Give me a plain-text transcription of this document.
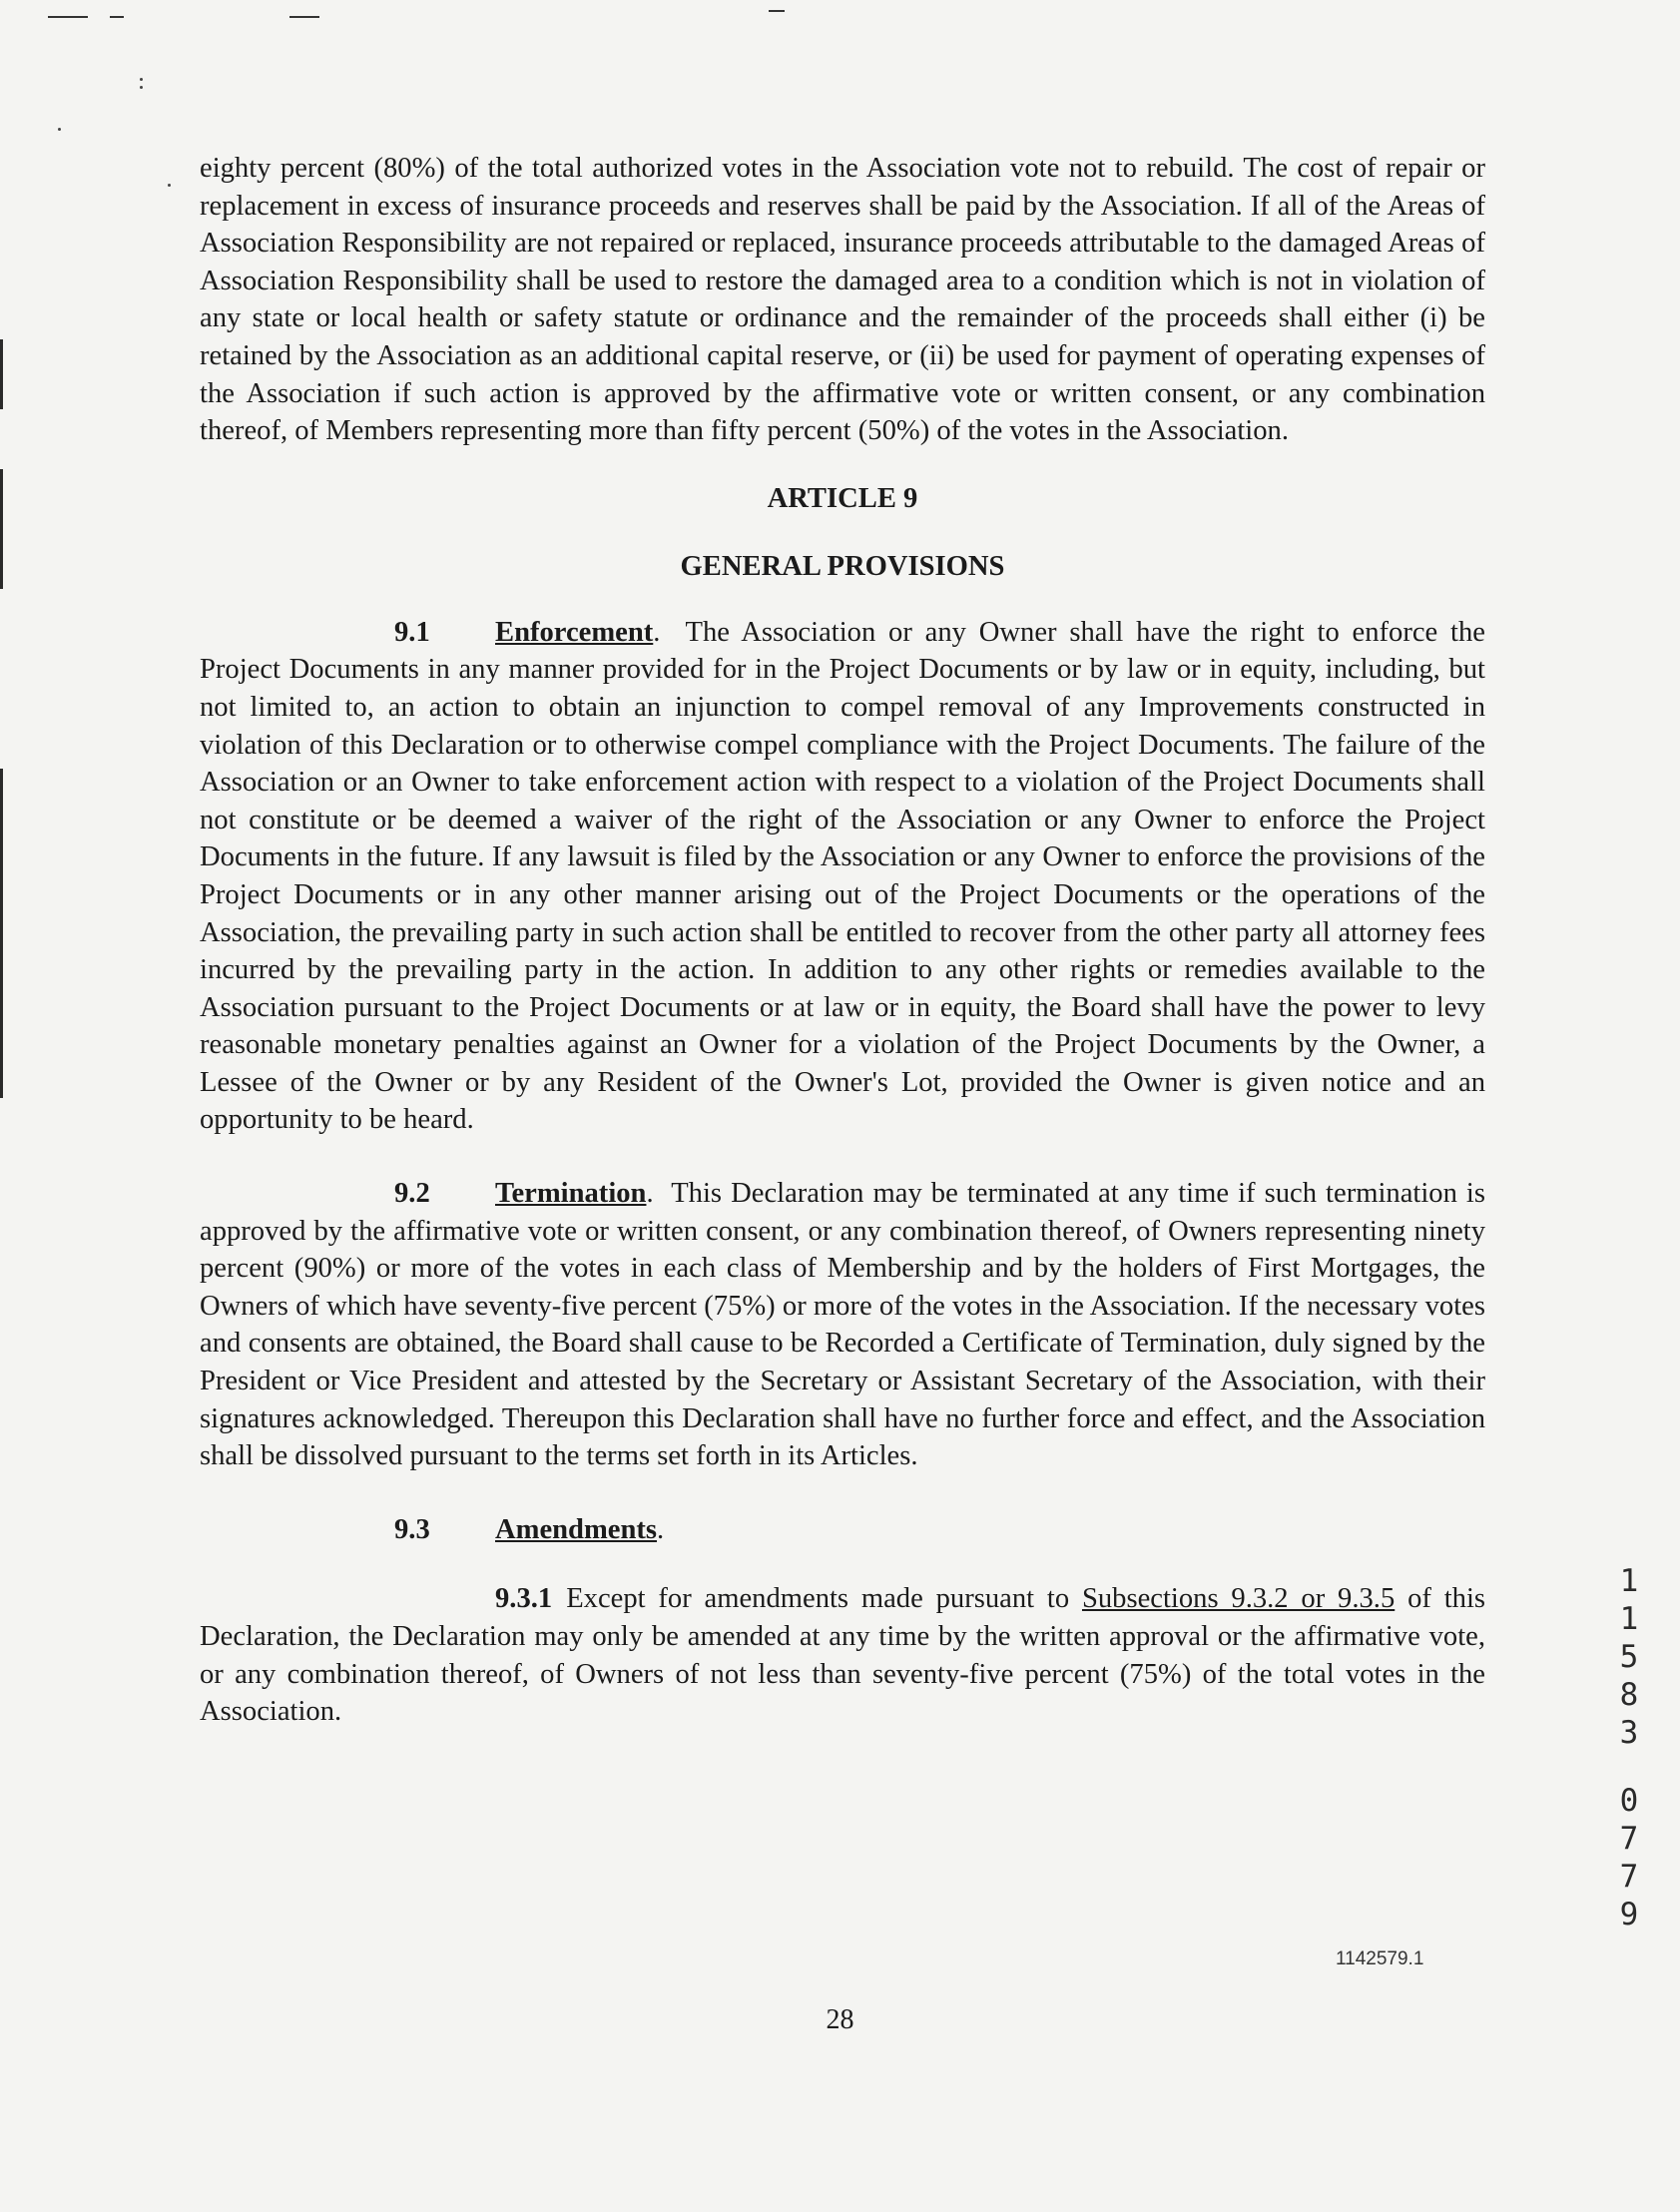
eighty percent (80%) of the total authorized votes in the Association vote not to rebuild. The cost of repair or replacement in excess of insurance proceeds and reserves shall be paid by the Association. If all of the Areas of Association Responsibility are not repaired or replaced, insurance proceeds attributable to the damaged Areas of Association Responsibility shall be used to restore the damaged area to a condition which is not in violation of any state or local health or safety statute or ordinance and the remainder of the proceeds shall either (i) be retained by the Association as an additional capital reserve, or (ii) be used for payment of operating expenses of the Association if such action is approved by the affirmative vote or written consent, or any combination thereof, of Members representing more than fifty percent (50%) of the votes in the Association.

ARTICLE 9
GENERAL PROVISIONS

9.1 Enforcement.  The Association or any Owner shall have the right to enforce the Project Documents in any manner provided for in the Project Documents or by law or in equity, including, but not limited to, an action to obtain an injunction to compel removal of any Improvements constructed in violation of this Declaration or to otherwise compel compliance with the Project Documents. The failure of the Association or an Owner to take enforcement action with respect to a violation of the Project Documents shall not constitute or be deemed a waiver of the right of the Association or any Owner to enforce the Project Documents in the future. If any lawsuit is filed by the Association or any Owner to enforce the provisions of the Project Documents or in any other manner arising out of the Project Documents or the operations of the Association, the prevailing party in such action shall be entitled to recover from the other party all attorney fees incurred by the prevailing party in the action. In addition to any other rights or remedies available to the Association pursuant to the Project Documents or at law or in equity, the Board shall have the power to levy reasonable monetary penalties against an Owner for a violation of the Project Documents by the Owner, a Lessee of the Owner or by any Resident of the Owner's Lot, provided the Owner is given notice and an opportunity to be heard.

9.2 Termination.  This Declaration may be terminated at any time if such termination is approved by the affirmative vote or written consent, or any combination thereof, of Owners representing ninety percent (90%) or more of the votes in each class of Membership and by the holders of First Mortgages, the Owners of which have seventy-five percent (75%) or more of the votes in the Association. If the necessary votes and consents are obtained, the Board shall cause to be Recorded a Certificate of Termination, duly signed by the President or Vice President and attested by the Secretary or Assistant Secretary of the Association, with their signatures acknowledged. Thereupon this Declaration shall have no further force and effect, and the Association shall be dissolved pursuant to the terms set forth in its Articles.

9.3 Amendments.

9.3.1 Except for amendments made pursuant to Subsections 9.3.2 or 9.3.5 of this Declaration, the Declaration may only be amended at any time by the written approval or the affirmative vote, or any combination thereof, of Owners of not less than seventy-five percent (75%) of the total votes in the Association.

1142579.1
28
1
1
5
8
3
0
7
7
9
